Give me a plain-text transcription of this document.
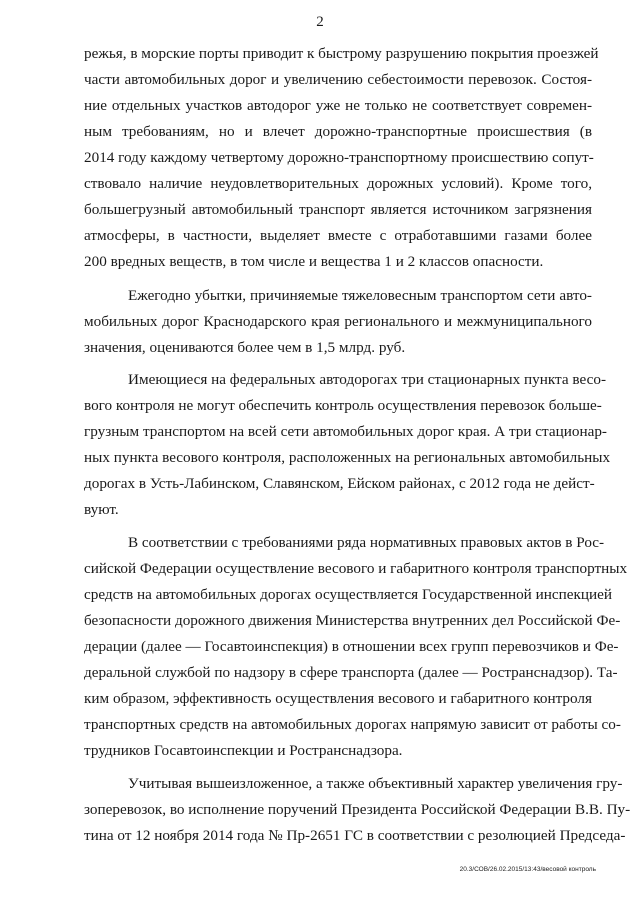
2
режья, в морские порты приводит к быстрому разрушению покрытия проезжей
части автомобильных дорог и увеличению себестоимости перевозок. Состоя-
ние отдельных участков автодорог уже не только не соответствует современ-
ным требованиям, но и влечет дорожно-транспортные происшествия (в
2014 году каждому четвертому дорожно-транспортному происшествию сопут-
ствовало наличие неудовлетворительных дорожных условий). Кроме того,
большегрузный автомобильный транспорт является источником загрязнения
атмосферы, в частности, выделяет вместе с отработавшими газами более
200 вредных веществ, в том числе и вещества 1 и 2 классов опасности.
Ежегодно убытки, причиняемые тяжеловесным транспортом сети авто-
мобильных дорог Краснодарского края регионального и межмуниципального
значения, оцениваются более чем в 1,5 млрд. руб.
Имеющиеся на федеральных автодорогах три стационарных пункта весо-
вого контроля не могут обеспечить контроль осуществления перевозок больше-
грузным транспортом на всей сети автомобильных дорог края. А три стационар-
ных пункта весового контроля, расположенных на региональных автомобильных
дорогах в Усть-Лабинском, Славянском, Ейском районах, с 2012 года не дейст-
вуют.
В соответствии с требованиями ряда нормативных правовых актов в Рос-
сийской Федерации осуществление весового и габаритного контроля транспортных
средств на автомобильных дорогах осуществляется Государственной инспекцией
безопасности дорожного движения Министерства внутренних дел Российской Фе-
дерации (далее — Госавтоинспекция) в отношении всех групп перевозчиков и Фе-
деральной службой по надзору в сфере транспорта (далее — Ространснадзор). Та-
ким образом, эффективность осуществления весового и габаритного контроля
транспортных средств на автомобильных дорогах напрямую зависит от работы со-
трудников Госавтоинспекции и Ространснадзора.
Учитывая вышеизложенное, а также объективный характер увеличения гру-
зоперевозок, во исполнение поручений Президента Российской Федерации В.В. Пу-
тина от 12 ноября 2014 года № Пр-2651 ГС в соответствии с резолюцией Председа-
20.3/СОВ/26.02.2015/13:43/весовой контроль
